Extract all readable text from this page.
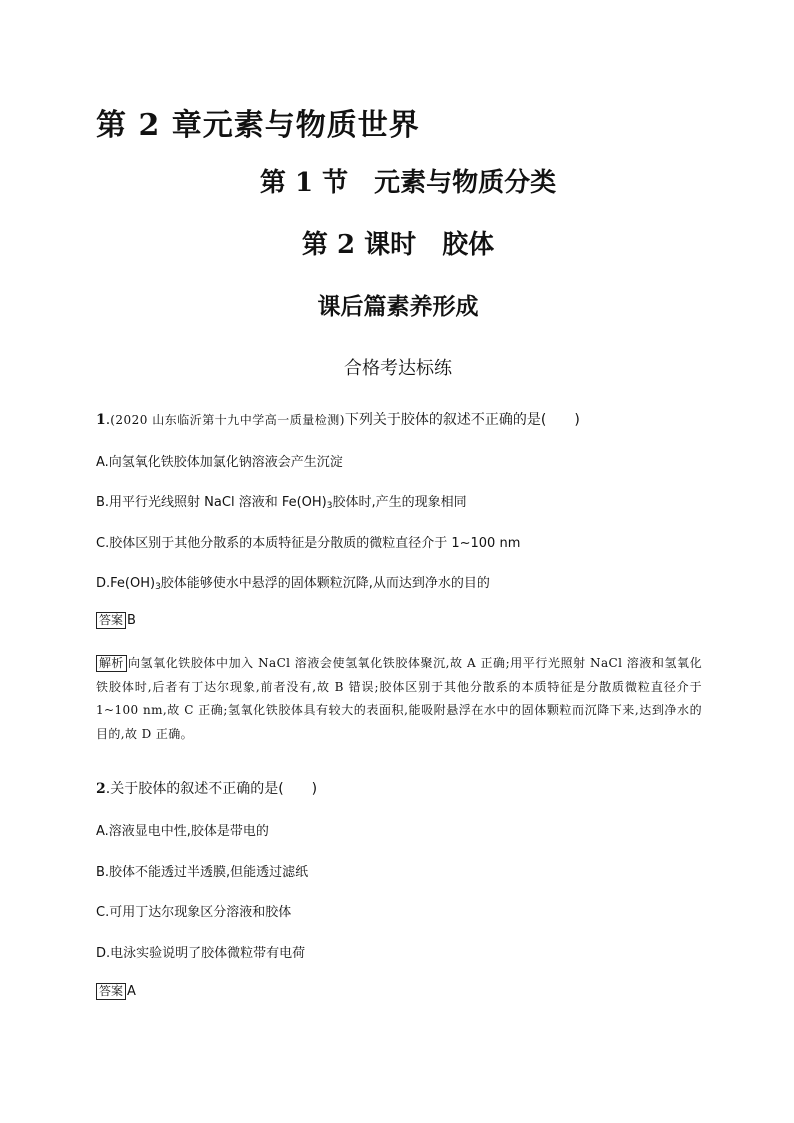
第 2 章元素与物质世界
第 1 节　元素与物质分类
第 2 课时　胶体
课后篇素养形成
合格考达标练
1.(2020 山东临沂第十九中学高一质量检测)下列关于胶体的叙述不正确的是(　　)
A.向氢氧化铁胶体加氯化钠溶液会产生沉淀
B.用平行光线照射 NaCl 溶液和 $Fe(OH)_3$胶体时,产生的现象相同
C.胶体区别于其他分散系的本质特征是分散质的微粒直径介于 1~100 nm
$D.Fe(OH)_3$胶体能够使水中悬浮的固体颗粒沉降,从而达到净水的目的
答案 B
解析 向氢氧化铁胶体中加入 NaCl 溶液会使氢氧化铁胶体聚沉,故 A 正确;用平行光照射 NaCl 溶液和氢氧化铁胶体时,后者有丁达尔现象,前者没有,故 B 错误;胶体区别于其他分散系的本质特征是分散质微粒直径介于 1~100 nm,故 C 正确;氢氧化铁胶体具有较大的表面积,能吸附悬浮在水中的固体颗粒而沉降下来,达到净水的目的,故 D 正确。
2.关于胶体的叙述不正确的是(　　)
A.溶液显电中性,胶体是带电的
B.胶体不能透过半透膜,但能透过滤纸
C.可用丁达尔现象区分溶液和胶体
D.电泳实验说明了胶体微粒带有电荷
答案 A
